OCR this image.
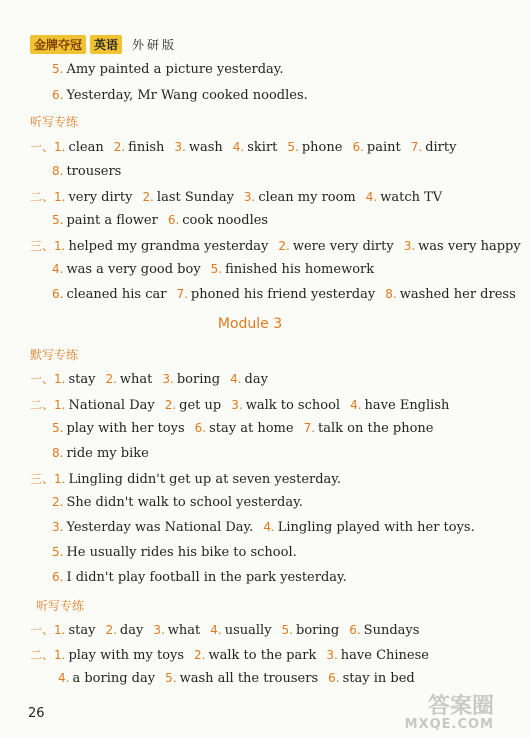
金牌夺冠	英语	外研版
Module 3
5. Amy painted a picture yesterday.
6. Yesterday, Mr Wang cooked noodles.
听写专练
一、1. clean 2. finish 3. wash 4. skirt 5. phone 6. paint 7. dirty
8. trousers
二、1. very dirty 2. last Sunday 3. clean my room 4. watch TV
5. paint a flower 6. cook noodles
三、1. helped my grandma yesterday 2. were very dirty 3. was very happy
4. was a very good boy 5. finished his homework
6. cleaned his car 7. phoned his friend yesterday 8. washed her dress
默写专练
一、1. stay 2. what 3. boring 4. day
二、1. National Day 2. get up 3. walk to school 4. have English
5. play with her toys 6. stay at home 7. talk on the phone
8. ride my bike
三、1. Lingling didn't get up at seven yesterday.
2. She didn't walk to school yesterday.
3. Yesterday was National Day. 4. Lingling played with her toys.
5. He usually rides his bike to school.
6. I didn't play football in the park yesterday.
听写专练
一、1. stay 2. day 3. what 4. usually 5. boring 6. Sundays
二、1. play with my toys 2. walk to the park 3. have Chinese
4. a boring day 5. wash all the trousers 6. stay in bed
26	答案圈
MXQE.COM
